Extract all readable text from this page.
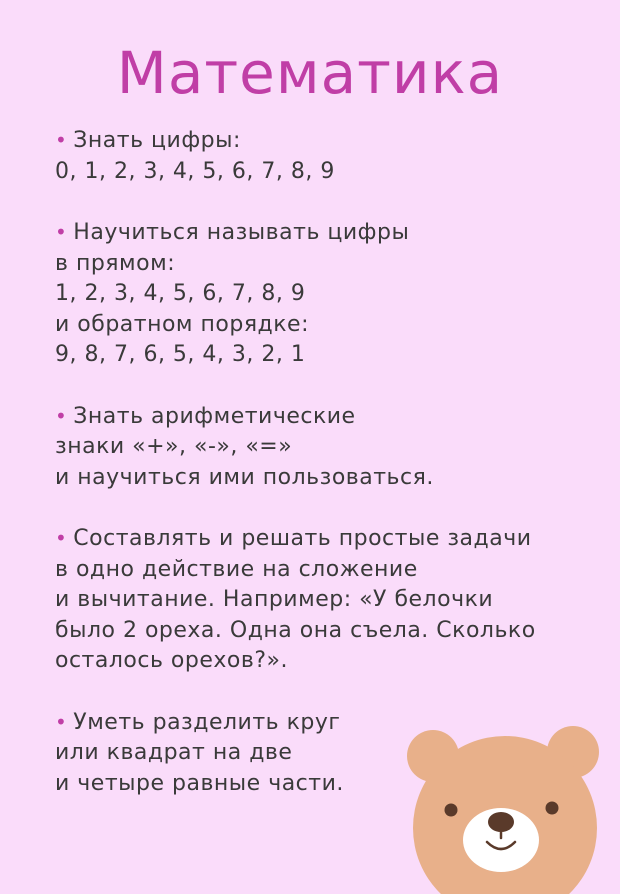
Математика
• Знать цифры:
0, 1, 2, 3, 4, 5, 6, 7, 8, 9
• Научиться называть цифры
в прямом:
1, 2, 3, 4, 5, 6, 7, 8, 9
и обратном порядке:
9, 8, 7, 6, 5, 4, 3, 2, 1
• Знать арифметические
знаки «+», «-», «=»
и научиться ими пользоваться.
• Составлять и решать простые задачи
в одно действие на сложение
и вычитание. Например: «У белочки
было 2 ореха. Одна она съела. Сколько
осталось орехов?».
• Уметь разделить круг
или квадрат на две
и четыре равные части.
